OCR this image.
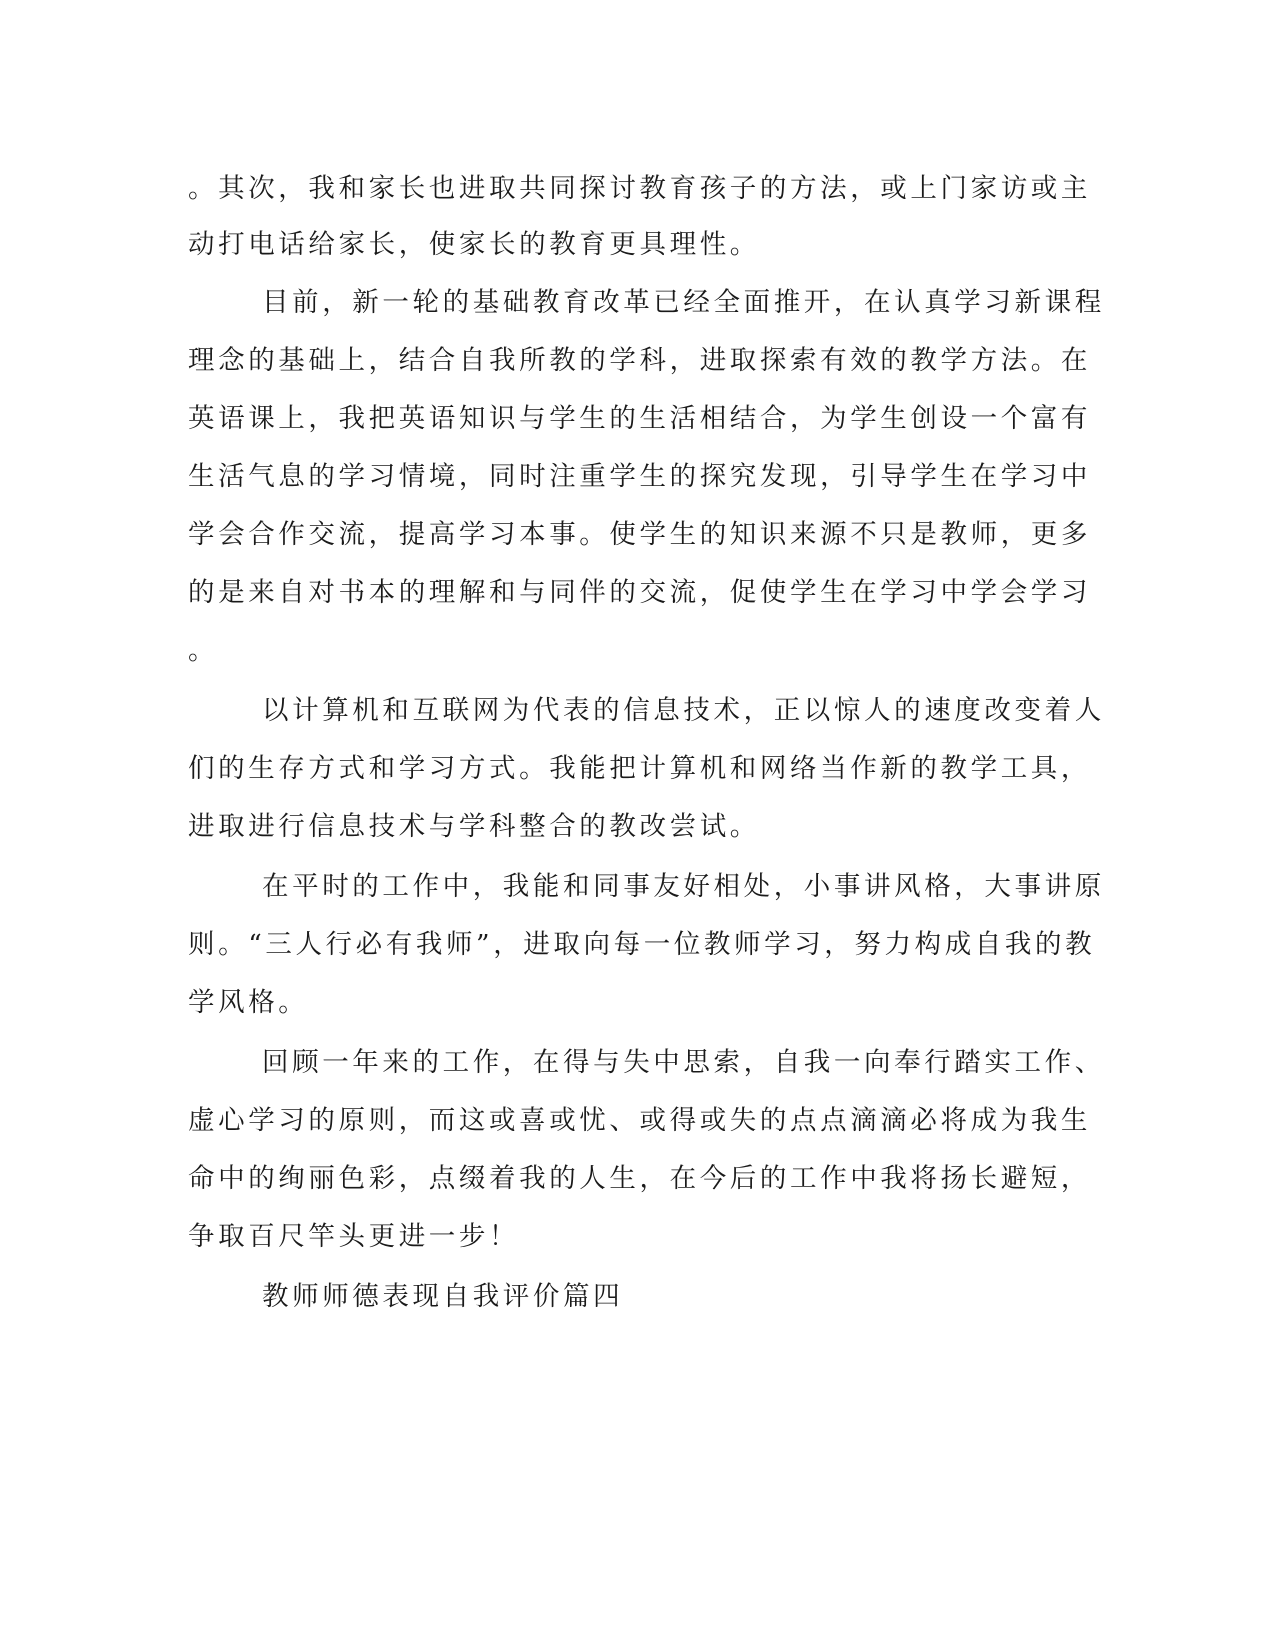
。其次，我和家长也进取共同探讨教育孩子的方法，或上门家访或主

动打电话给家长，使家长的教育更具理性。

目前，新一轮的基础教育改革已经全面推开，在认真学习新课程

理念的基础上，结合自我所教的学科，进取探索有效的教学方法。在

英语课上，我把英语知识与学生的生活相结合，为学生创设一个富有

生活气息的学习情境，同时注重学生的探究发现，引导学生在学习中

学会合作交流，提高学习本事。使学生的知识来源不只是教师，更多

的是来自对书本的理解和与同伴的交流，促使学生在学习中学会学习

。

以计算机和互联网为代表的信息技术，正以惊人的速度改变着人

们的生存方式和学习方式。我能把计算机和网络当作新的教学工具，

进取进行信息技术与学科整合的教改尝试。

在平时的工作中，我能和同事友好相处，小事讲风格，大事讲原

则。“三人行必有我师”，进取向每一位教师学习，努力构成自我的教

学风格。

回顾一年来的工作，在得与失中思索，自我一向奉行踏实工作、

虚心学习的原则，而这或喜或忧、或得或失的点点滴滴必将成为我生

命中的绚丽色彩，点缀着我的人生，在今后的工作中我将扬长避短，

争取百尺竿头更进一步！

教师师德表现自我评价篇四
